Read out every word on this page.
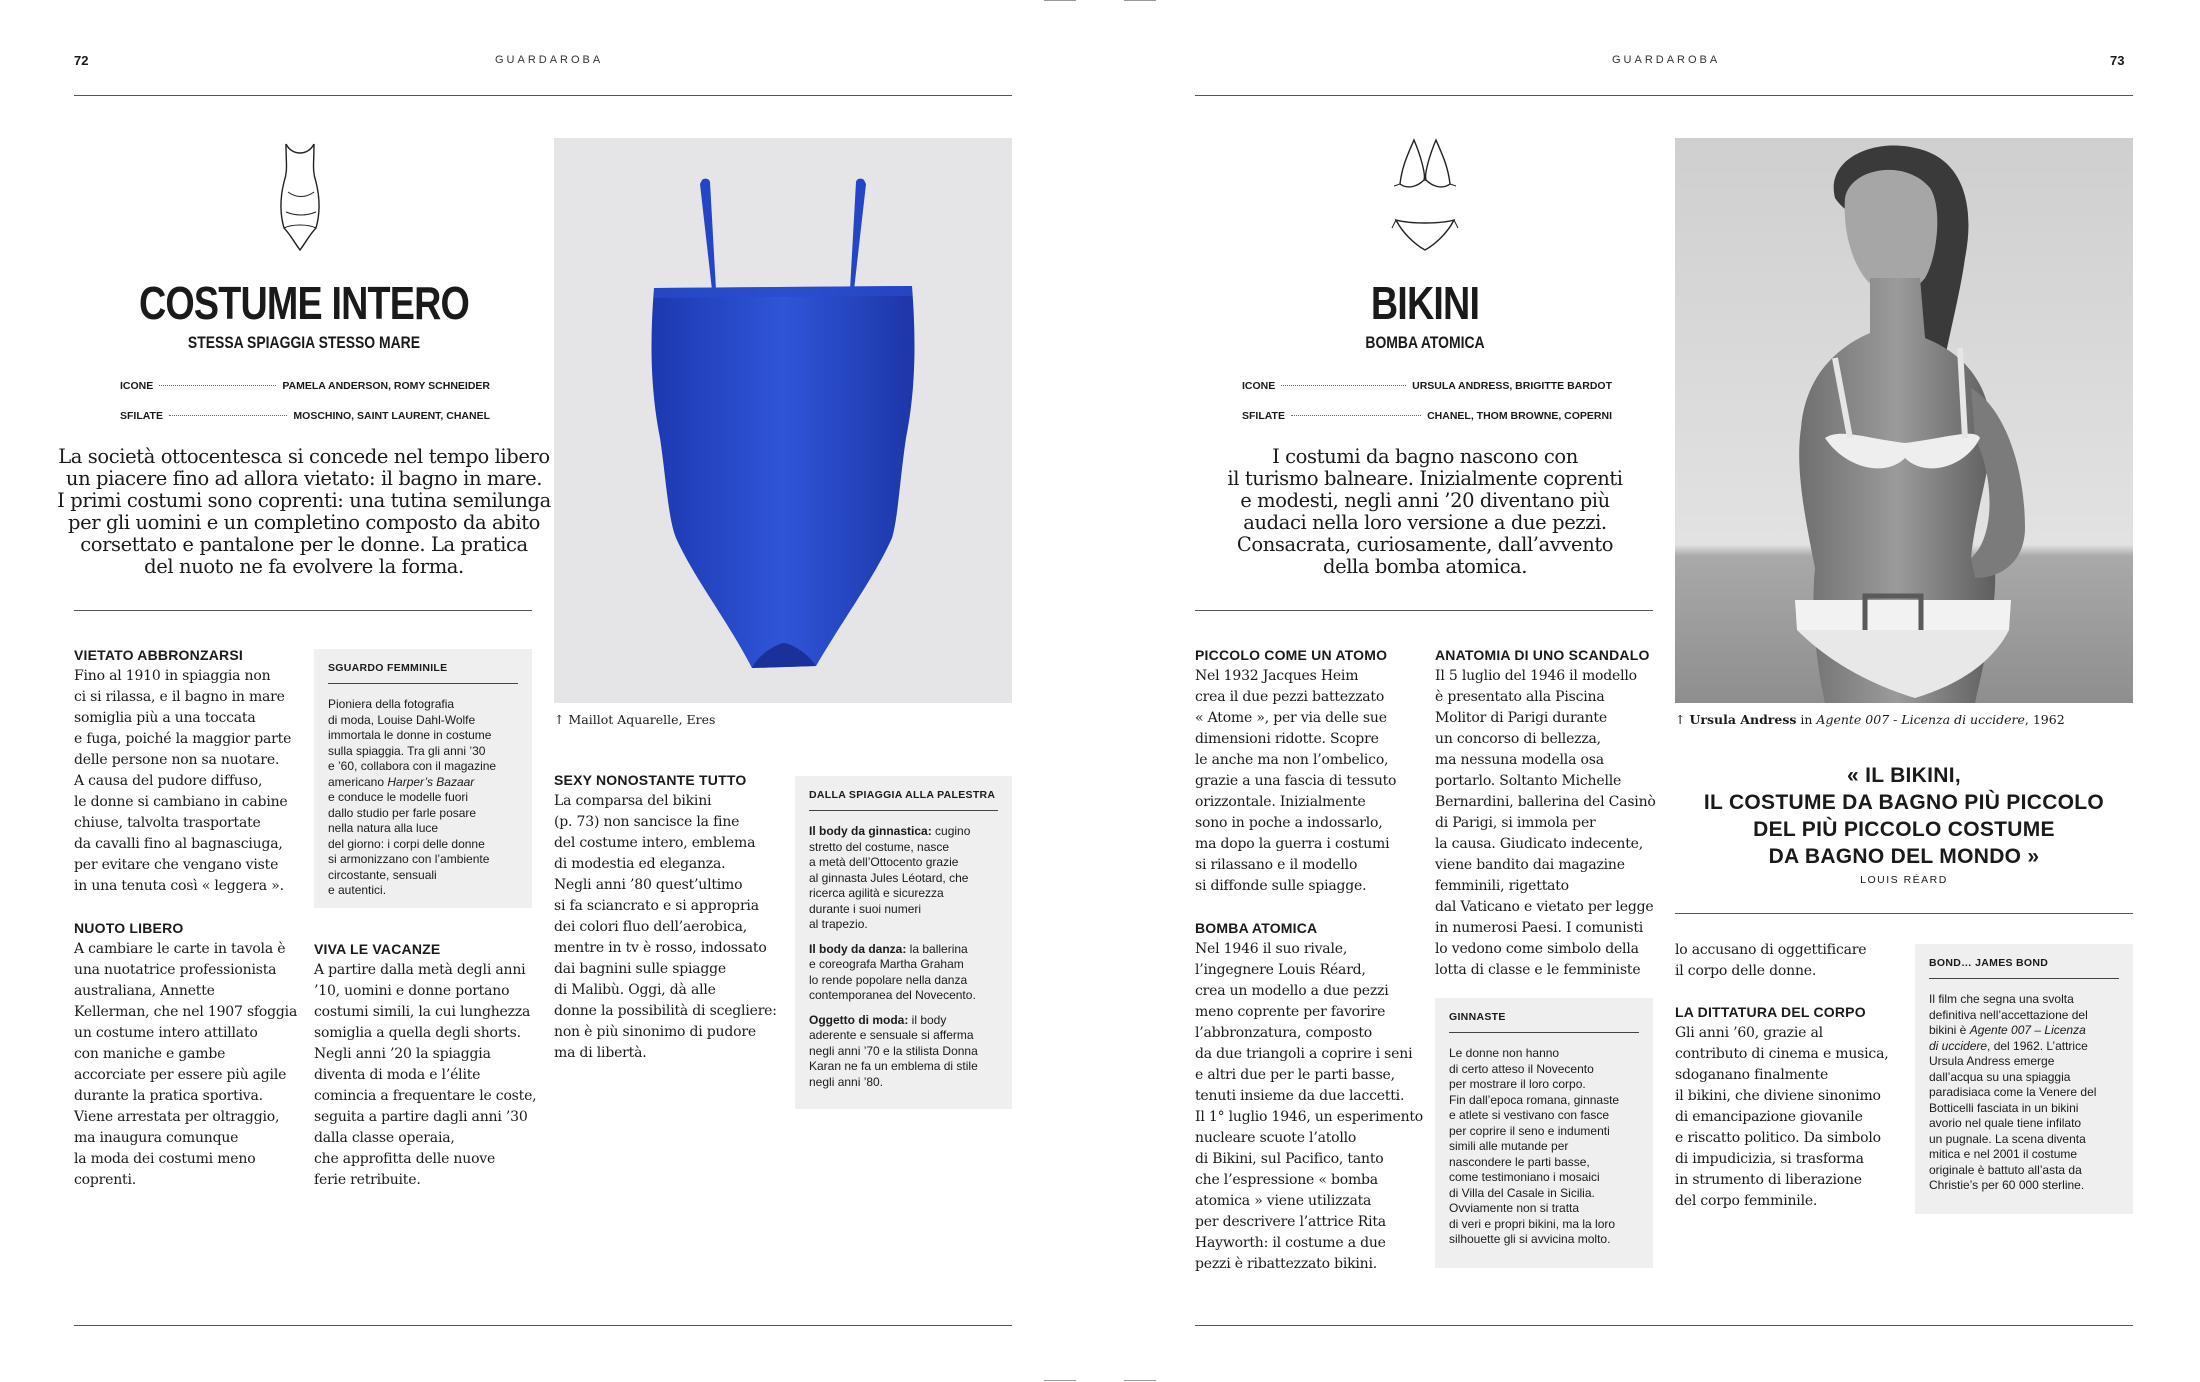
72	GUARDAROBA
COSTUME INTERO
STESSA SPIAGGIA STESSO MARE
ICONE	PAMELA ANDERSON, ROMY SCHNEIDER
SFILATE	MOSCHINO, SAINT LAURENT, CHANEL
La società ottocentesca si concede nel tempo libero
un piacere fino ad allora vietato: il bagno in mare.
I primi costumi sono coprenti: una tutina semilunga
per gli uomini e un completino composto da abito
corsettato e pantalone per le donne. La pratica
del nuoto ne fa evolvere la forma.
↑ Maillot Aquarelle, Eres
VIETATO ABBRONZARSI
Fino al 1910 in spiaggia non
ci si rilassa, e il bagno in mare
somiglia più a una toccata
e fuga, poiché la maggior parte
delle persone non sa nuotare.
A causa del pudore diffuso,
le donne si cambiano in cabine
chiuse, talvolta trasportate
da cavalli fino al bagnasciuga,
per evitare che vengano viste
in una tenuta così « leggera ».
NUOTO LIBERO
A cambiare le carte in tavola è
una nuotatrice professionista
australiana, Annette
Kellerman, che nel 1907 sfoggia
un costume intero attillato
con maniche e gambe
accorciate per essere più agile
durante la pratica sportiva.
Viene arrestata per oltraggio,
ma inaugura comunque
la moda dei costumi meno
coprenti.
SGUARDO FEMMINILE
Pioniera della fotografia
di moda, Louise Dahl-Wolfe
immortala le donne in costume
sulla spiaggia. Tra gli anni ’30
e ’60, collabora con il magazine
americano Harper’s Bazaar
e conduce le modelle fuori
dallo studio per farle posare
nella natura alla luce
del giorno: i corpi delle donne
si armonizzano con l’ambiente
circostante, sensuali
e autentici.
VIVA LE VACANZE
A partire dalla metà degli anni
’10, uomini e donne portano
costumi simili, la cui lunghezza
somiglia a quella degli shorts.
Negli anni ’20 la spiaggia
diventa di moda e l’élite
comincia a frequentare le coste,
seguita a partire dagli anni ’30
dalla classe operaia,
che approfitta delle nuove
ferie retribuite.
SEXY NONOSTANTE TUTTO
La comparsa del bikini
(p. 73) non sancisce la fine
del costume intero, emblema
di modestia ed eleganza.
Negli anni ’80 quest’ultimo
si fa sciancrato e si appropria
dei colori fluo dell’aerobica,
mentre in tv è rosso, indossato
dai bagnini sulle spiagge
di Malibù. Oggi, dà alle
donne la possibilità di scegliere:
non è più sinonimo di pudore
ma di libertà.
DALLA SPIAGGIA ALLA PALESTRA
Il body da ginnastica: cugino
stretto del costume, nasce
a metà dell’Ottocento grazie
al ginnasta Jules Léotard, che
ricerca agilità e sicurezza
durante i suoi numeri
al trapezio.
Il body da danza: la ballerina
e coreografa Martha Graham
lo rende popolare nella danza
contemporanea del Novecento.
Oggetto di moda: il body
aderente e sensuale si afferma
negli anni ’70 e la stilista Donna
Karan ne fa un emblema di stile
negli anni ’80.
GUARDAROBA	73
BIKINI
BOMBA ATOMICA
ICONE	URSULA ANDRESS, BRIGITTE BARDOT
SFILATE	CHANEL, THOM BROWNE, COPERNI
I costumi da bagno nascono con
il turismo balneare. Inizialmente coprenti
e modesti, negli anni ’20 diventano più
audaci nella loro versione a due pezzi.
Consacrata, curiosamente, dall’avvento
della bomba atomica.
↑ Ursula Andress in Agente 007 - Licenza di uccidere, 1962
« IL BIKINI,
IL COSTUME DA BAGNO PIÙ PICCOLO
DEL PIÙ PICCOLO COSTUME
DA BAGNO DEL MONDO »
LOUIS RÉARD
PICCOLO COME UN ATOMO
Nel 1932 Jacques Heim
crea il due pezzi battezzato
« Atome », per via delle sue
dimensioni ridotte. Scopre
le anche ma non l’ombelico,
grazie a una fascia di tessuto
orizzontale. Inizialmente
sono in poche a indossarlo,
ma dopo la guerra i costumi
si rilassano e il modello
si diffonde sulle spiagge.
BOMBA ATOMICA
Nel 1946 il suo rivale,
l’ingegnere Louis Réard,
crea un modello a due pezzi
meno coprente per favorire
l’abbronzatura, composto
da due triangoli a coprire i seni
e altri due per le parti basse,
tenuti insieme da due laccetti.
Il 1° luglio 1946, un esperimento
nucleare scuote l’atollo
di Bikini, sul Pacifico, tanto
che l’espressione « bomba
atomica » viene utilizzata
per descrivere l’attrice Rita
Hayworth: il costume a due
pezzi è ribattezzato bikini.
ANATOMIA DI UNO SCANDALO
Il 5 luglio del 1946 il modello
è presentato alla Piscina
Molitor di Parigi durante
un concorso di bellezza,
ma nessuna modella osa
portarlo. Soltanto Michelle
Bernardini, ballerina del Casinò
di Parigi, si immola per
la causa. Giudicato indecente,
viene bandito dai magazine
femminili, rigettato
dal Vaticano e vietato per legge
in numerosi Paesi. I comunisti
lo vedono come simbolo della
lotta di classe e le femministe
GINNASTE
Le donne non hanno
di certo atteso il Novecento
per mostrare il loro corpo.
Fin dall’epoca romana, ginnaste
e atlete si vestivano con fasce
per coprire il seno e indumenti
simili alle mutande per
nascondere le parti basse,
come testimoniano i mosaici
di Villa del Casale in Sicilia.
Ovviamente non si tratta
di veri e propri bikini, ma la loro
silhouette gli si avvicina molto.
lo accusano di oggettificare
il corpo delle donne.
LA DITTATURA DEL CORPO
Gli anni ’60, grazie al
contributo di cinema e musica,
sdoganano finalmente
il bikini, che diviene sinonimo
di emancipazione giovanile
e riscatto politico. Da simbolo
di impudicizia, si trasforma
in strumento di liberazione
del corpo femminile.
BOND… JAMES BOND
Il film che segna una svolta
definitiva nell’accettazione del
bikini è Agente 007 – Licenza
di uccidere, del 1962. L’attrice
Ursula Andress emerge
dall’acqua su una spiaggia
paradisiaca come la Venere del
Botticelli fasciata in un bikini
avorio nel quale tiene infilato
un pugnale. La scena diventa
mitica e nel 2001 il costume
originale è battuto all’asta da
Christie’s per 60 000 sterline.
